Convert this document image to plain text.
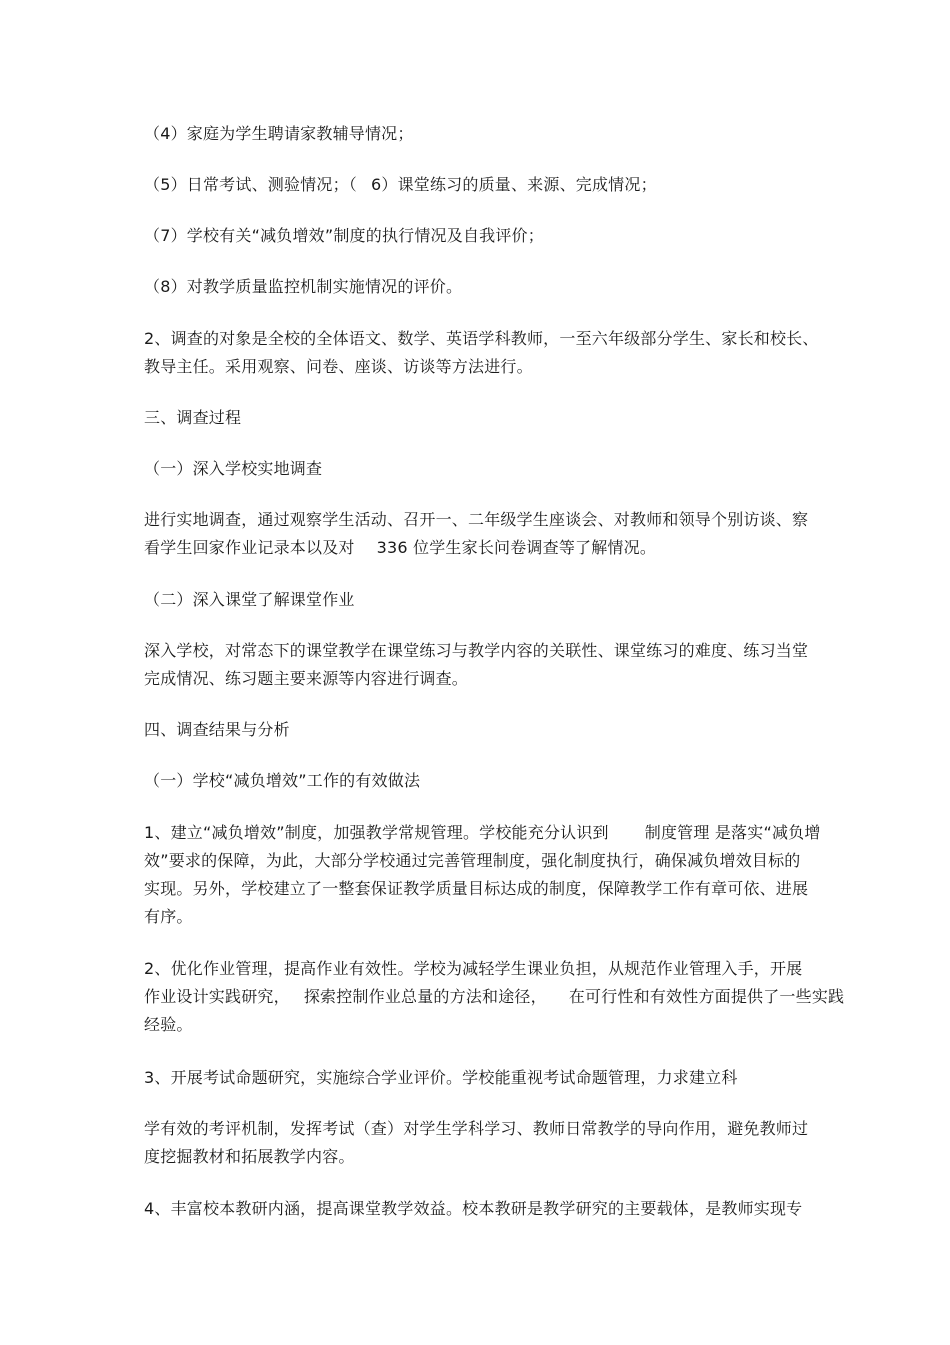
（4）家庭为学生聘请家教辅导情况；
（5）日常考试、测验情况；（ 6）课堂练习的质量、来源、完成情况；
（7）学校有关“减负增效”制度的执行情况及自我评价；
（8）对教学质量监控机制实施情况的评价。
2、调查的对象是全校的全体语文、数学、英语学科教师，一至六年级部分学生、家长和校长、
教导主任。采用观察、问卷、座谈、访谈等方法进行。
三、调查过程
（一）深入学校实地调查
进行实地调查，通过观察学生活动、召开一、二年级学生座谈会、对教师和领导个别访谈、察
看学生回家作业记录本以及对 336 位学生家长问卷调查等了解情况。
（二）深入课堂了解课堂作业
深入学校，对常态下的课堂教学在课堂练习与教学内容的关联性、课堂练习的难度、练习当堂
完成情况、练习题主要来源等内容进行调查。
四、调查结果与分析
（一）学校“减负增效”工作的有效做法
1、建立“减负增效”制度，加强教学常规管理。学校能充分认识到 制度管理 是落实“减负增
效”要求的保障，为此，大部分学校通过完善管理制度，强化制度执行，确保减负增效目标的
实现。另外，学校建立了一整套保证教学质量目标达成的制度，保障教学工作有章可依、进展
有序。
2、优化作业管理，提高作业有效性。学校为减轻学生课业负担，从规范作业管理入手，开展
作业设计实践研究， 探索控制作业总量的方法和途径， 在可行性和有效性方面提供了一些实践
经验。
3、开展考试命题研究，实施综合学业评价。学校能重视考试命题管理，力求建立科
学有效的考评机制，发挥考试（查）对学生学科学习、教师日常教学的导向作用，避免教师过
度挖掘教材和拓展教学内容。
4、丰富校本教研内涵，提高课堂教学效益。校本教研是教学研究的主要载体，是教师实现专
